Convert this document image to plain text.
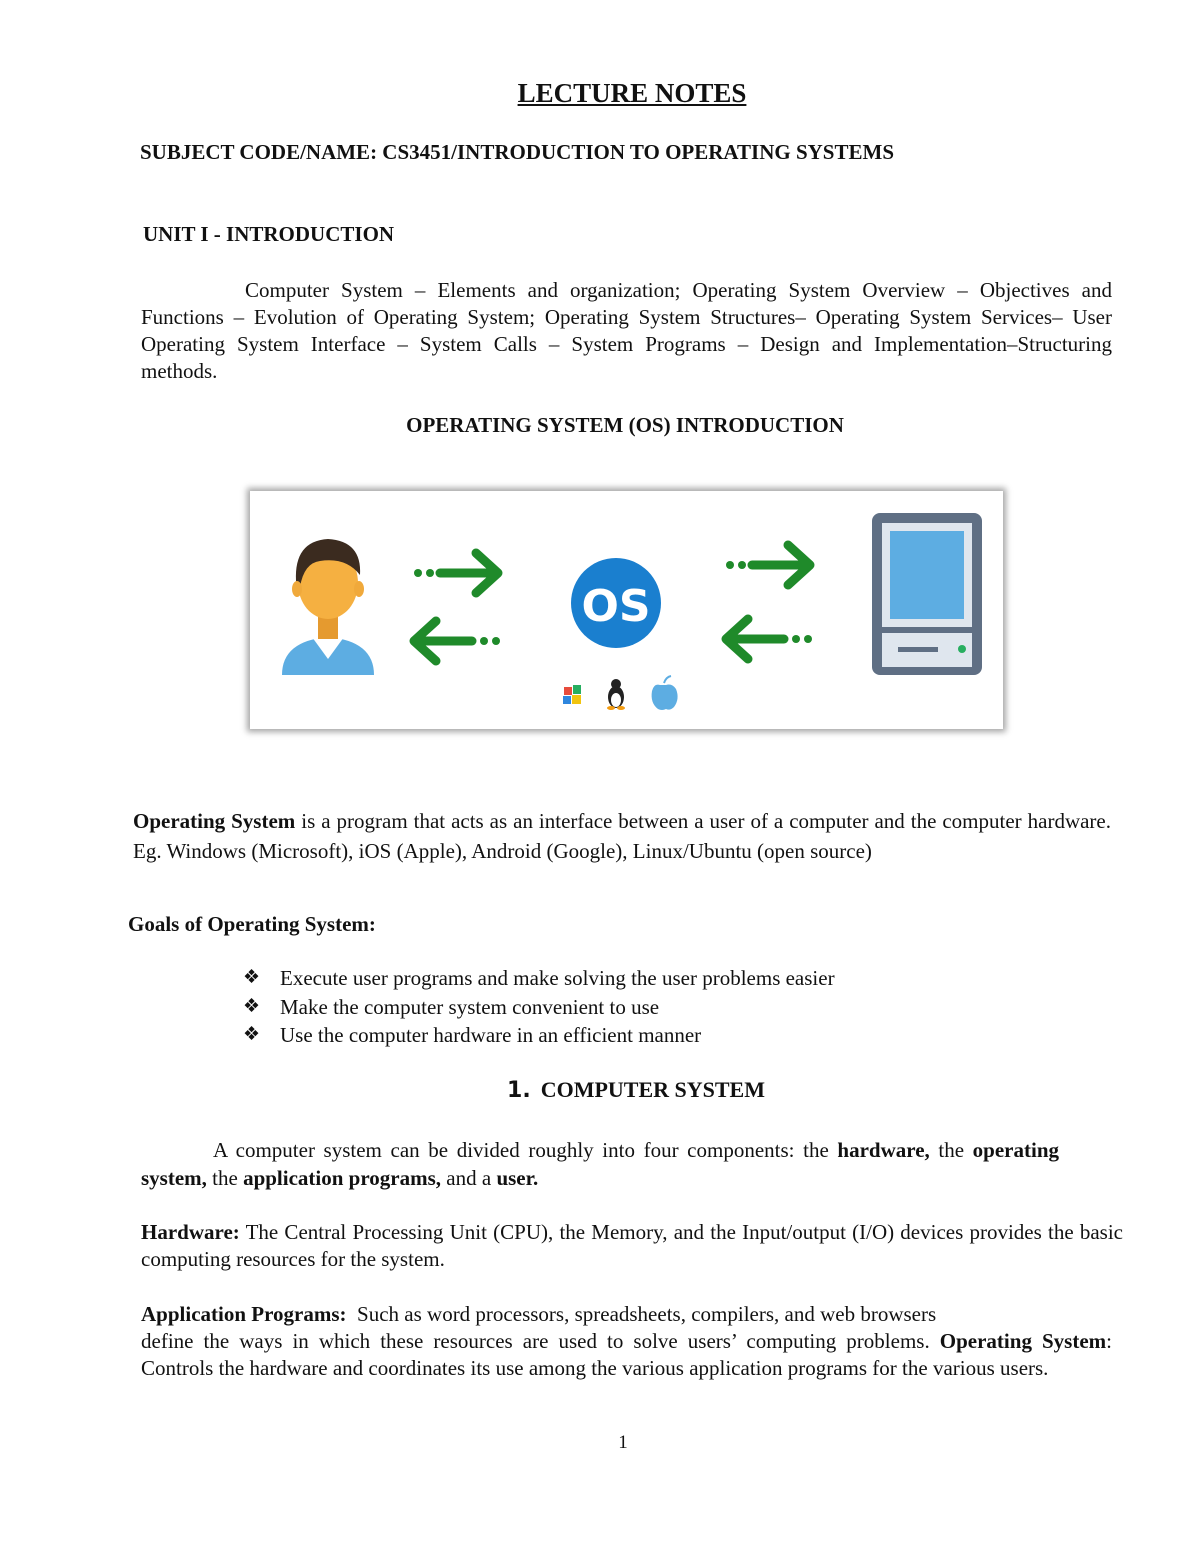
LECTURE NOTES

SUBJECT CODE/NAME: CS3451/INTRODUCTION TO OPERATING SYSTEMS

UNIT I - INTRODUCTION

Computer System – Elements and organization; Operating System Overview – Objectives and Functions – Evolution of Operating System; Operating System Structures– Operating System Services– User Operating System Interface – System Calls – System Programs – Design and Implementation–Structuring methods.

OPERATING SYSTEM (OS) INTRODUCTION
OS

Operating System is a program that acts as an interface between a user of a computer and the computer hardware. Eg. Windows (Microsoft), iOS (Apple), Android (Google), Linux/Ubuntu (open source)

Goals of Operating System:

❖ Execute user programs and make solving the user problems easier
❖ Make the computer system convenient to use
❖ Use the computer hardware in an efficient manner
1. COMPUTER SYSTEM

A computer system can be divided roughly into four components: the hardware, the operating system, the application programs, and a user.

Hardware: The Central Processing Unit (CPU), the Memory, and the Input/output (I/O) devices provides the basic computing resources for the system.

Application Programs:  Such as word processors, spreadsheets, compilers, and web browsers
define the ways in which these resources are used to solve users’ computing problems. Operating System: Controls the hardware and coordinates its use among the various application programs for the various users.

1
